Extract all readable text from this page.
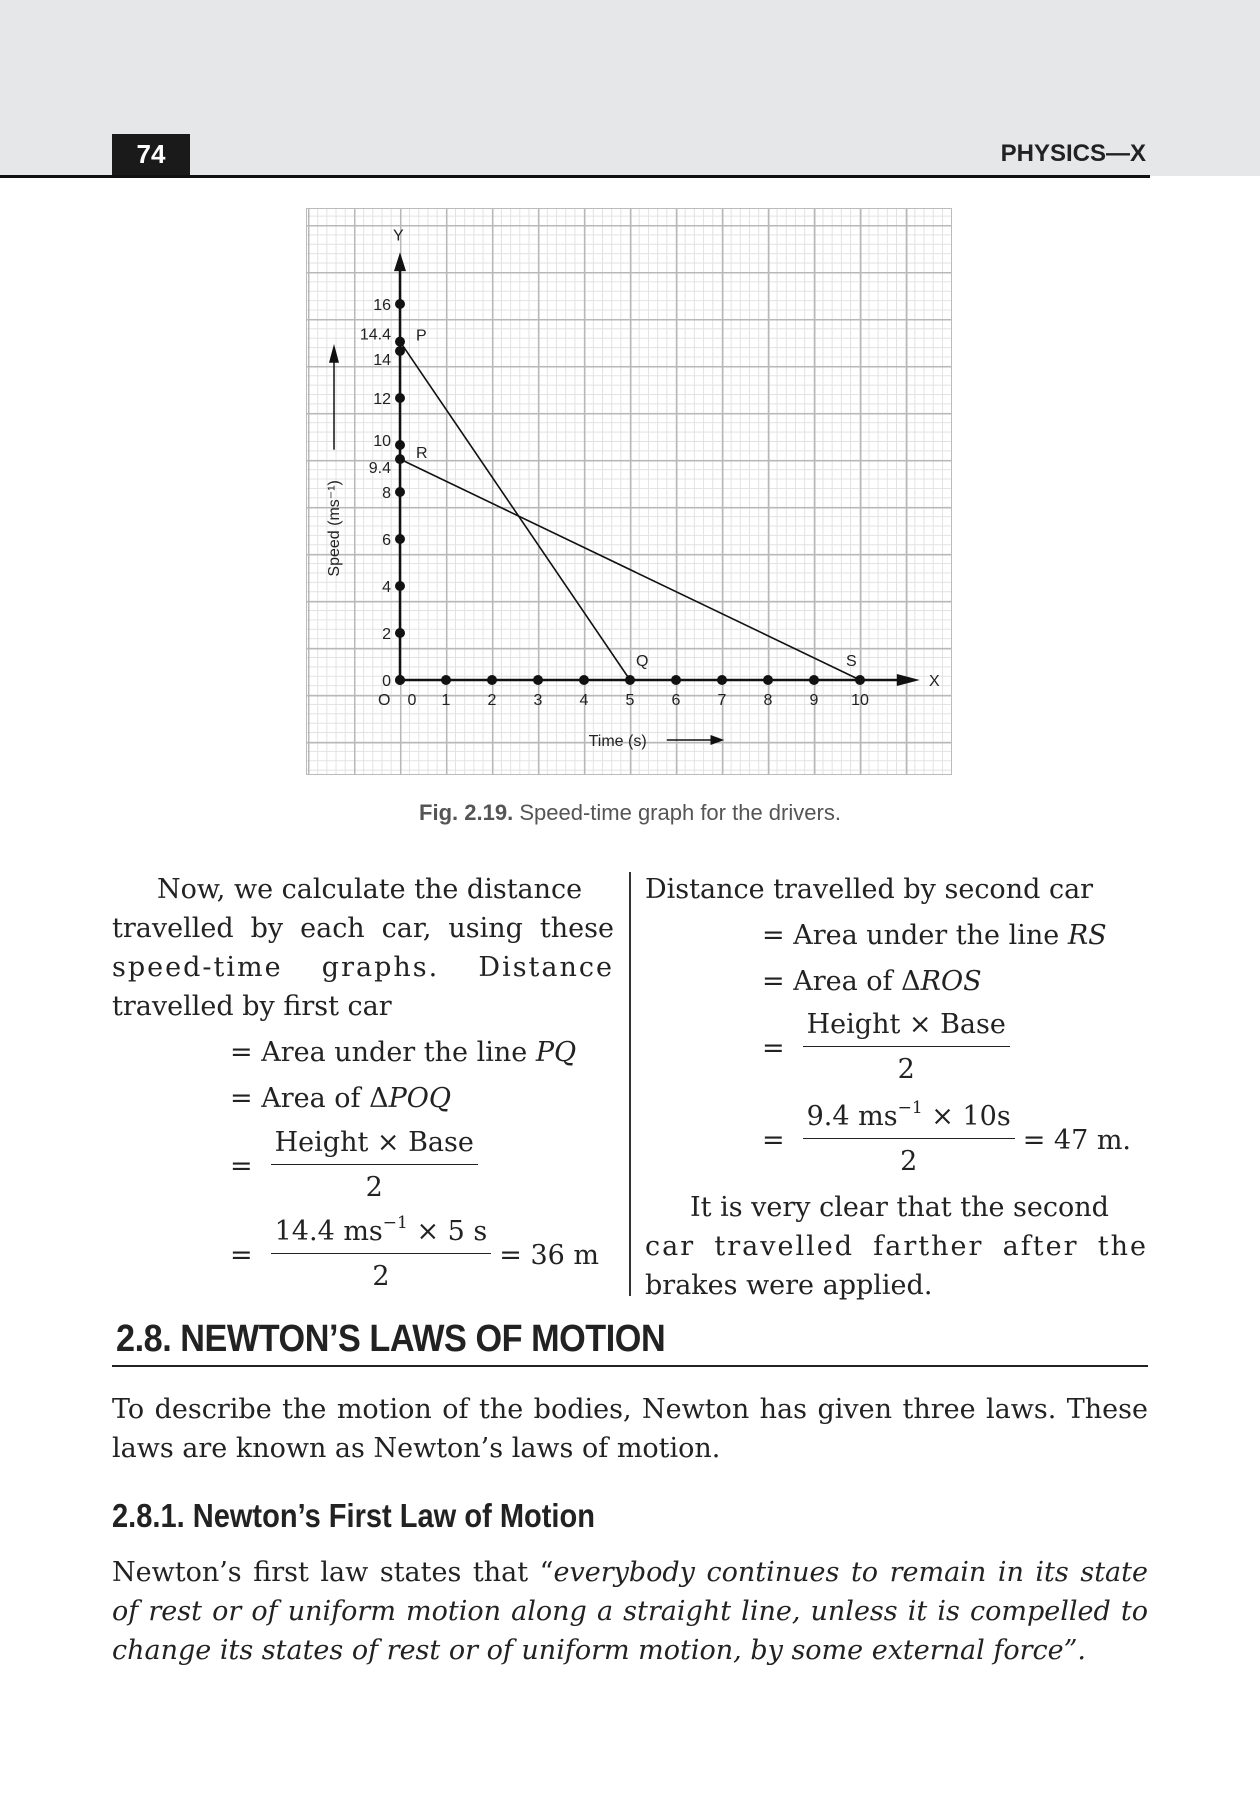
74	PHYSICS—X
X
Y
O 0 1 2 3 4 5 6 7 8 9 10
0
2
4
6
8
9.4
10
12
14
14.4
16
P
Q
R
S
Time (s)
Speed (ms⁻¹)
Fig. 2.19. Speed-time graph for the drivers.
Now, we calculate the distance
travelled by each car, using these
speed-time graphs. Distance
travelled by first car
= Area under the line PQ
= Area of ΔPOQ
=
Height × Base
2
= $\frac{14.4 ms^{-1} \times 5 s}{2} = 36$ m
Distance travelled by second car
= Area under the line RS
= Area of ΔROS
=
Height × Base
2
= $\frac{9.4 ms^{-1} \times 10s}{2} = 47$ m.
It is very clear that the second
car travelled farther after the
brakes were applied.
2.8. NEWTON’S LAWS OF MOTION
To describe the motion of the bodies, Newton has given three laws. These laws are known as Newton’s laws of motion.
2.8.1. Newton’s First Law of Motion
Newton’s first law states that “everybody continues to remain in its state of rest or of uniform motion along a straight line, unless it is compelled to change its states of rest or of uniform motion, by some external force”.
